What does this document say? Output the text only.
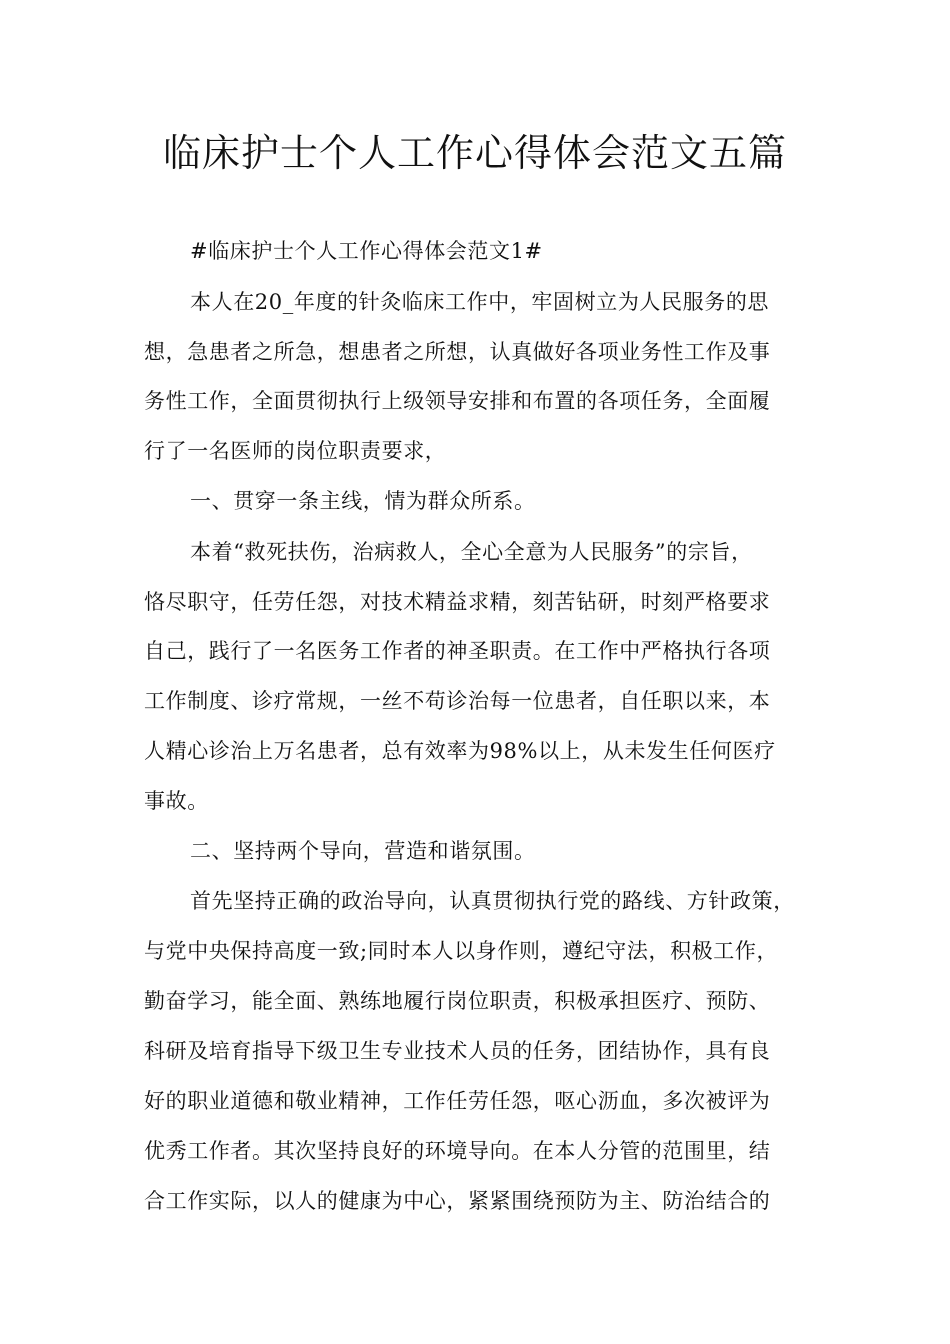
临床护士个人工作心得体会范文五篇
#临床护士个人工作心得体会范文1#
本人在20_年度的针灸临床工作中，牢固树立为人民服务的思
想，急患者之所急，想患者之所想，认真做好各项业务性工作及事
务性工作，全面贯彻执行上级领导安排和布置的各项任务，全面履
行了一名医师的岗位职责要求，
一、贯穿一条主线，情为群众所系。
本着“救死扶伤，治病救人，全心全意为人民服务”的宗旨，
恪尽职守，任劳任怨，对技术精益求精，刻苦钻研，时刻严格要求
自己，践行了一名医务工作者的神圣职责。在工作中严格执行各项
工作制度、诊疗常规，一丝不苟诊治每一位患者，自任职以来，本
人精心诊治上万名患者，总有效率为98%以上，从未发生任何医疗
事故。
二、坚持两个导向，营造和谐氛围。
首先坚持正确的政治导向，认真贯彻执行党的路线、方针政策，
与党中央保持高度一致;同时本人以身作则，遵纪守法，积极工作，
勤奋学习，能全面、熟练地履行岗位职责，积极承担医疗、预防、
科研及培育指导下级卫生专业技术人员的任务，团结协作，具有良
好的职业道德和敬业精神，工作任劳任怨，呕心沥血，多次被评为
优秀工作者。其次坚持良好的环境导向。在本人分管的范围里，结
合工作实际，以人的健康为中心，紧紧围绕预防为主、防治结合的
